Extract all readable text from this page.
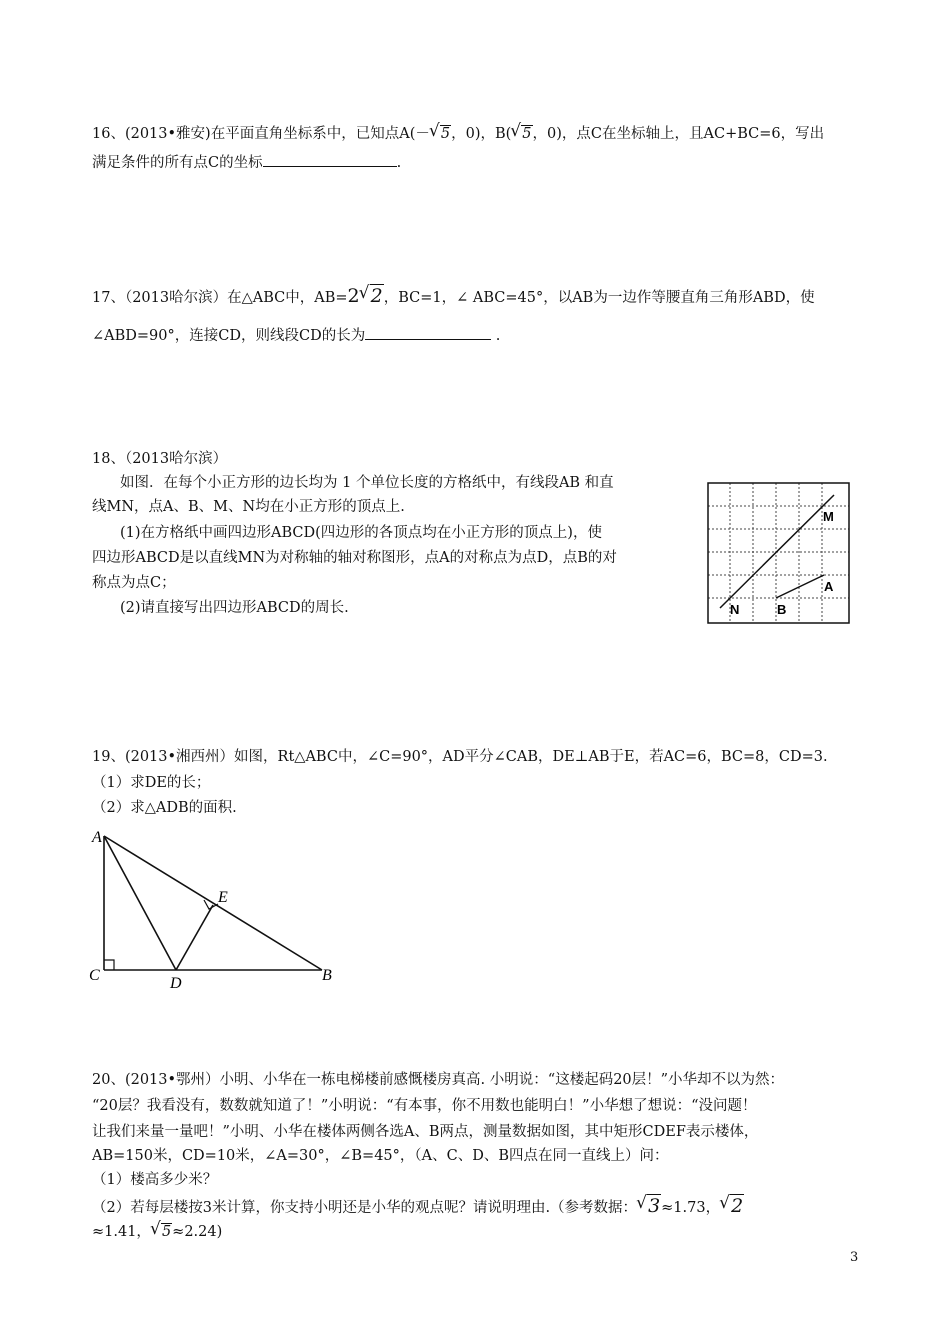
16、(2013•雅安)在平面直角坐标系中，已知点A(－ √ 5，0)，B( √ 5，0)，点C在坐标轴上，且AC+BC=6，写出
满足条件的所有点C的坐标	.
17、（2013哈尔滨）在△ABC中，AB=2 √ 2，BC=1，∠ ABC=45°，以AB为一边作等腰直角三角形ABD，使
∠ABD=90°，连接CD，则线段CD的长为	.
18、（2013哈尔滨）
如图．在每个小正方形的边长均为 1 个单位长度的方格纸中，有线段AB 和直
线MN，点A、B、M、N均在小正方形的顶点上.
(1)在方格纸中画四边形ABCD(四边形的各顶点均在小正方形的顶点上)，使
四边形ABCD是以直线MN为对称轴的轴对称图形，点A的对称点为点D，点B的对
称点为点C；
(2)请直接写出四边形ABCD的周长.
M
A
N	B
19、(2013•湘西州）如图，Rt△ABC中，∠C=90°，AD平分∠CAB，DE⊥AB于E，若AC=6，BC=8，CD=3.
（1）求DE的长；
（2）求△ADB的面积.
A
E
C	D	B
20、(2013•鄂州）小明、小华在一栋电梯楼前感慨楼房真高. 小明说：“这楼起码20层！”小华却不以为然：
“20层？我看没有，数数就知道了！”小明说：“有本事，你不用数也能明白！”小华想了想说：“没问题！
让我们来量一量吧！”小明、小华在楼体两侧各选A、B两点，测量数据如图，其中矩形CDEF表示楼体，
AB=150米，CD=10米，∠A=30°，∠B=45°，（A、C、D、B四点在同一直线上）问：
（1）楼高多少米？
（2）若每层楼按3米计算，你支持小明还是小华的观点呢？请说明理由.（参考数据： √ 3≈1.73， √ 2
≈1.41， √ 5≈2.24)
3
